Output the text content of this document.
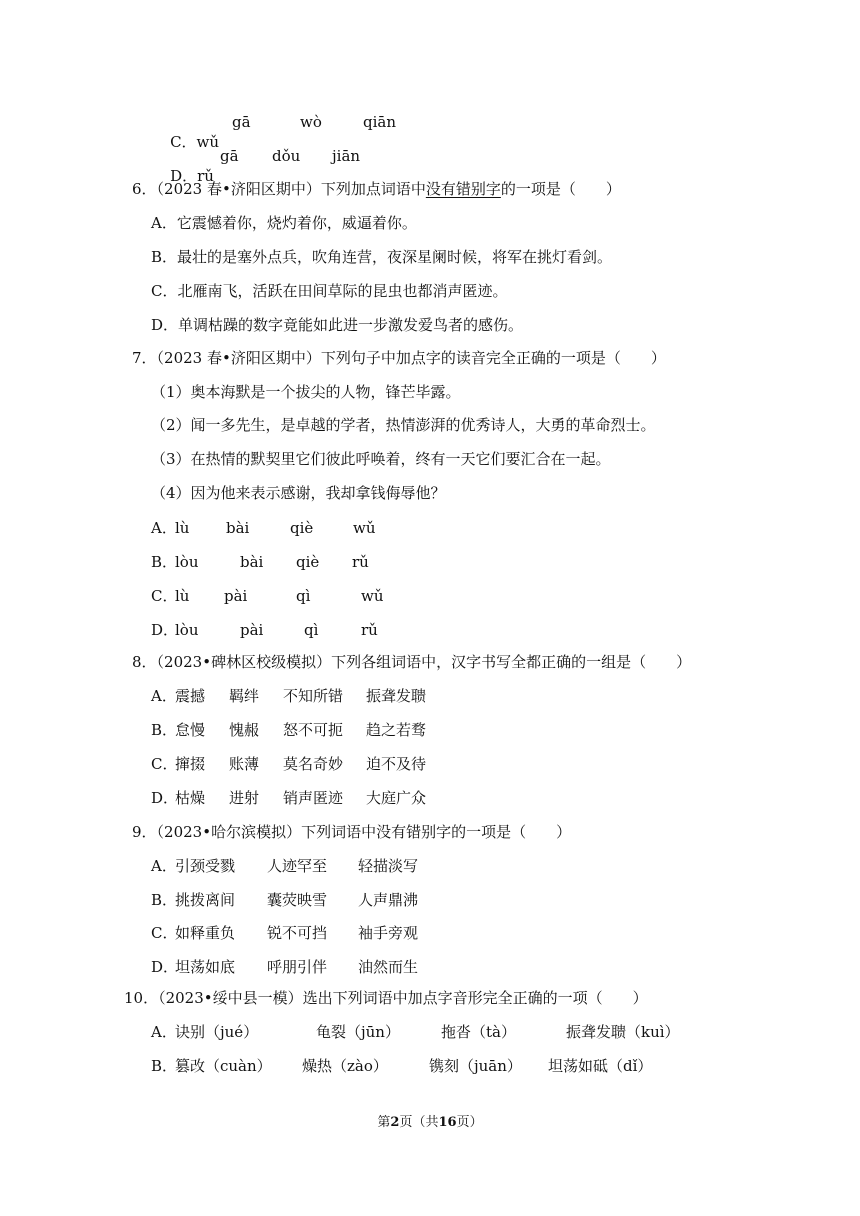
C．wǔ

gā	wò	qiān

D．rǔ

gā dǒu jiān
6．（2023 春•济阳区期中）下列加点词语中没有错别字的一项是（　　）
A．它震憾着你，烧灼着你，威逼着你。
B．最壮的是塞外点兵，吹角连营，夜深星阑时候，将军在挑灯看剑。
C．北雁南飞，活跃在田间草际的昆虫也都消声匿迹。
D．单调枯躁的数字竟能如此进一步激发爱鸟者的感伤。
7．（2023 春•济阳区期中）下列句子中加点字的读音完全正确的一项是（　　）
（1）奥本海默是一个拔尖的人物，锋芒毕露。
（2）闻一多先生，是卓越的学者，热情澎湃的优秀诗人，大勇的革命烈士。
（3）在热情的默契里它们彼此呼唤着，终有一天它们要汇合在一起。
（4）因为他来表示感谢，我却拿钱侮辱他？
A．
lù bài	qiè	wǔ
B．
lòu	bài qiè rǔ
C．
lù pài	qì	wǔ
D．
lòu	pài	qì	rǔ
8．（2023•碑林区校级模拟）下列各组词语中，汉字书写全都正确的一组是（　　）
A．
震撼 羁绊 不知所错 振聋发聩
B．
怠慢 愧赧 怒不可扼 趋之若骛
C．
撺掇 账薄 莫名奇妙 迫不及待
D．
枯燥 进射 销声匿迹 大庭广众
9．（2023•哈尔滨模拟）下列词语中没有错别字的一项是（　　）
A．
引颈受戮 人迹罕至 轻描淡写
B．
挑拨离间 囊荧映雪 人声鼎沸
C．
如释重负 锐不可挡 袖手旁观
D．
坦荡如底 呼朋引伴 油然而生
10．（2023•绥中县一模）选出下列词语中加点字音形完全正确的一项（　　）
A．
诀别（jué）	龟裂（jūn）	拖沓（tà）	振聋发聩（kuì）
B．
篡改（cuàn） 燥热（zào）	镌刻（juān） 坦荡如砥（dǐ）
第2页（共16页）
